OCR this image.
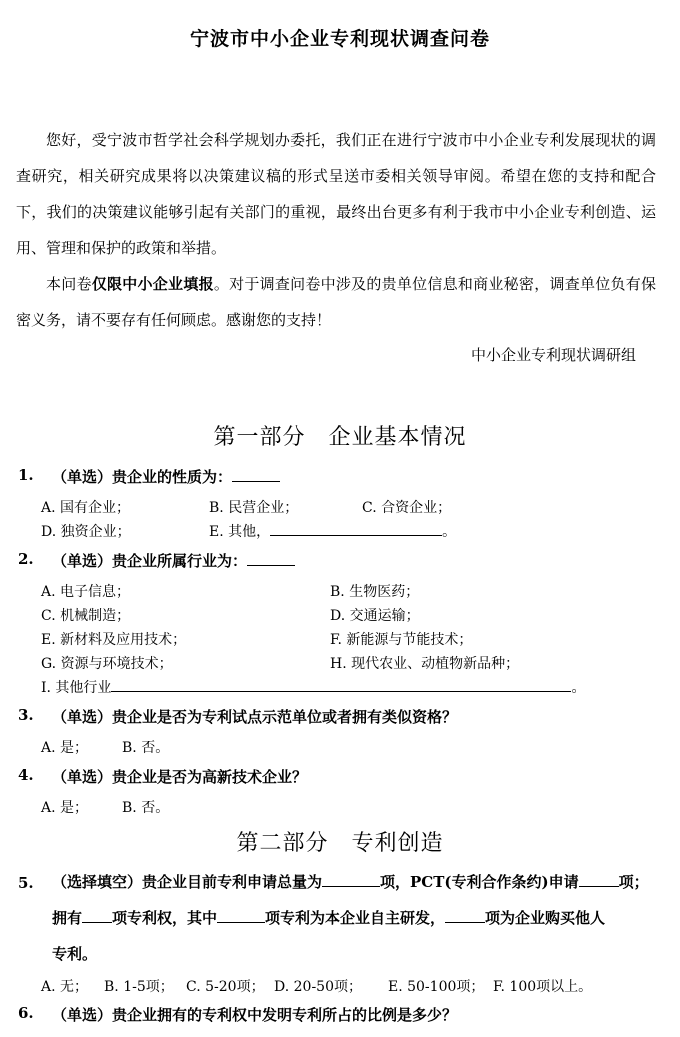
宁波市中小企业专利现状调查问卷

您好，受宁波市哲学社会科学规划办委托，我们正在进行宁波市中小企业专利发展现状的调查研究，相关研究成果将以决策建议稿的形式呈送市委相关领导审阅。希望在您的支持和配合下，我们的决策建议能够引起有关部门的重视，最终出台更多有利于我市中小企业专利创造、运用、管理和保护的政策和举措。

本问卷仅限中小企业填报。对于调查问卷中涉及的贵单位信息和商业秘密，调查单位负有保密义务，请不要存有任何顾虑。感谢您的支持！

中小企业专利现状调研组
第一部分　企业基本情况
1. （单选）贵企业的性质为：
A. 国有企业；	B. 民营企业；	C. 合资企业；
D. 独资企业；	E. 其他，	。
2. （单选）贵企业所属行业为：
A. 电子信息；	B. 生物医药；
C. 机械制造；	D. 交通运输；
E. 新材料及应用技术；	F. 新能源与节能技术；
G. 资源与环境技术；	H. 现代农业、动植物新品种；
I. 其他行业	。
3. （单选）贵企业是否为专利试点示范单位或者拥有类似资格？
A. 是； B. 否。
4. （单选）贵企业是否为高新技术企业？
A. 是； B. 否。
第二部分　专利创造
5. （选择填空）贵企业目前专利申请总量为	项，PCT(专利合作条约)申请	项；
拥有 项专利权，其中	项专利为本企业自主研发，	项为企业购买他人
专利。
A. 无； B. 1-5项； C. 5-20项； D. 20-50项； E. 50-100项； F. 100项以上。
6. （单选）贵企业拥有的专利权中发明专利所占的比例是多少？
